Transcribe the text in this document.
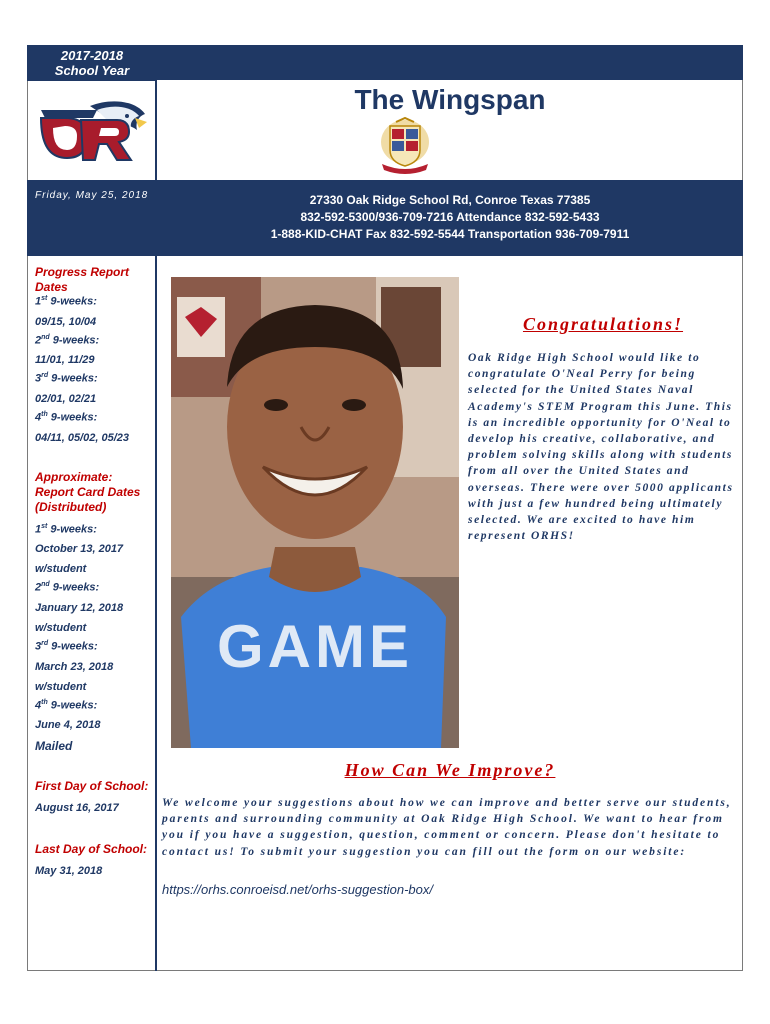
2017-2018
School Year
The Wingspan
Friday, May 25, 2018	27330 Oak Ridge School Rd, Conroe Texas 77385
832-592-5300/936-709-7216 Attendance 832-592-5433
1-888-KID-CHAT Fax 832-592-5544 Transportation 936-709-7911
Progress Report Dates
1st 9-weeks:
09/15, 10/04
2nd 9-weeks:
11/01, 11/29
3rd 9-weeks:
02/01, 02/21
4th 9-weeks:
04/11, 05/02, 05/23
Approximate: Report Card Dates (Distributed)
1st 9-weeks:
October 13, 2017
w/student
2nd 9-weeks:
January 12, 2018
w/student
3rd 9-weeks:
March 23, 2018
w/student
4th 9-weeks:
June 4, 2018
Mailed
First Day of School:
August 16, 2017
Last Day of School:
May 31, 2018
GAME
Congratulations!
Oak Ridge High School would like to congratulate O'Neal Perry for being selected for the United States Naval Academy's STEM Program this June. This is an incredible opportunity for O'Neal to develop his creative, collaborative, and problem solving skills along with students from all over the United States and overseas. There were over 5000 applicants with just a few hundred being ultimately selected. We are excited to have him represent ORHS!
How Can We Improve?
We welcome your suggestions about how we can improve and better serve our students, parents and surrounding community at Oak Ridge High School. We want to hear from you if you have a suggestion, question, comment or concern. Please don't hesitate to contact us! To submit your suggestion you can fill out the form on our website:
https://orhs.conroeisd.net/orhs-suggestion-box/
